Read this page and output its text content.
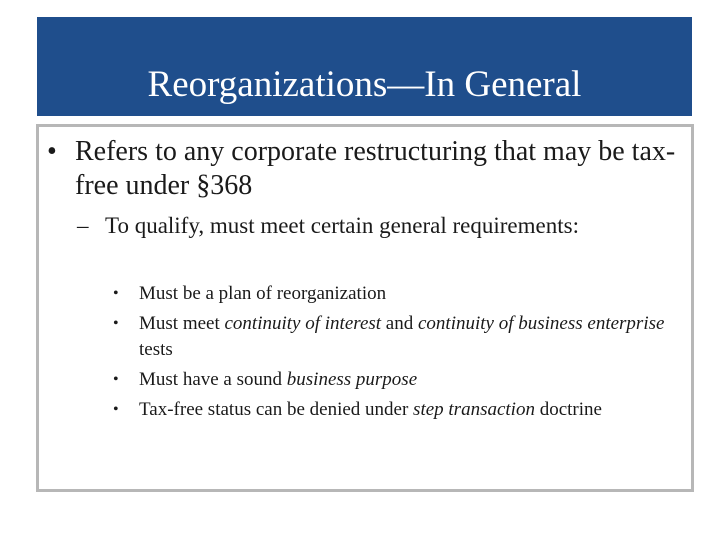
Reorganizations—In General
• Refers to any corporate restructuring that may be tax-free under §368
– To qualify, must meet certain general requirements:
• Must be a plan of reorganization
• Must meet continuity of interest and continuity of business enterprise tests
• Must have a sound business purpose
• Tax-free status can be denied under step transaction doctrine
